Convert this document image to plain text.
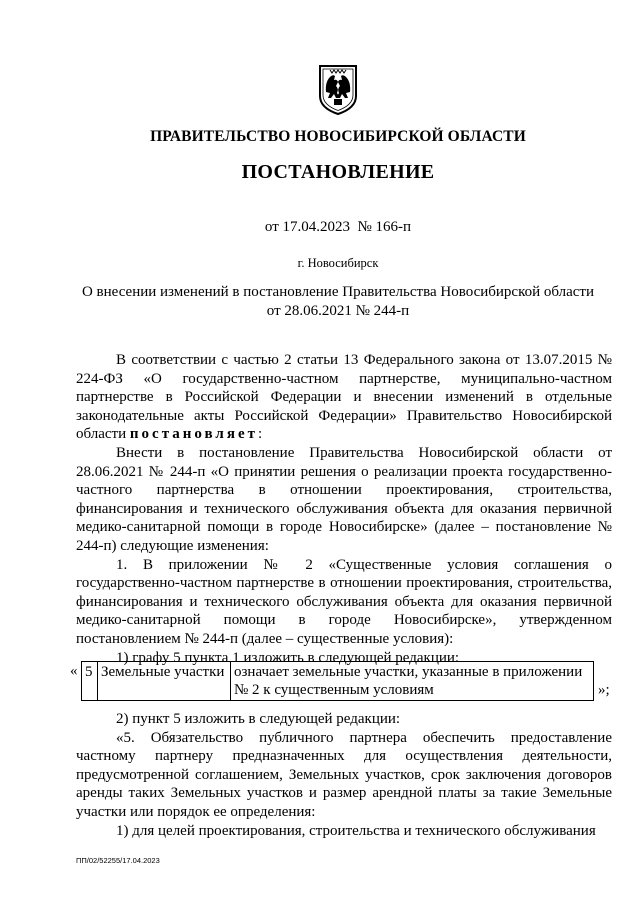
ПРАВИТЕЛЬСТВО НОВОСИБИРСКОЙ ОБЛАСТИ
ПОСТАНОВЛЕНИЕ
от 17.04.2023  № 166-п
г. Новосибирск
О внесении изменений в постановление Правительства Новосибирской области
от 28.06.2021 № 244-п

В соответствии с частью 2 статьи 13 Федерального закона от 13.07.2015 № 224-ФЗ «О государственно-частном партнерстве, муниципально-частном партнерстве в Российской Федерации и внесении изменений в отдельные законодательные акты Российской Федерации» Правительство Новосибирской области постановляет:

Внести в постановление Правительства Новосибирской области от 28.06.2021 № 244-п «О принятии решения о реализации проекта государственно-частного партнерства в отношении проектирования, строительства, финансирования и технического обслуживания объекта для оказания первичной медико-санитарной помощи в городе Новосибирске» (далее – постановление № 244-п) следующие изменения:

1. В приложении № 2 «Существенные условия соглашения о государственно-частном партнерстве в отношении проектирования, строительства, финансирования и технического обслуживания объекта для оказания первичной медико-санитарной помощи в городе Новосибирске», утвержденном постановлением № 244-п (далее – существенные условия):

1) графу 5 пункта 1 изложить в следующей редакции:

« 5	Земельные участки	означает земельные участки, указанные в приложении № 2 к существенным условиям	»;

2) пункт 5 изложить в следующей редакции:

«5. Обязательство публичного партнера обеспечить предоставление частному партнеру предназначенных для осуществления деятельности, предусмотренной соглашением, Земельных участков, срок заключения договоров аренды таких Земельных участков и размер арендной платы за такие Земельные участки или порядок ее определения:

1) для целей проектирования, строительства и технического обслуживания

ПП/02/52255/17.04.2023
